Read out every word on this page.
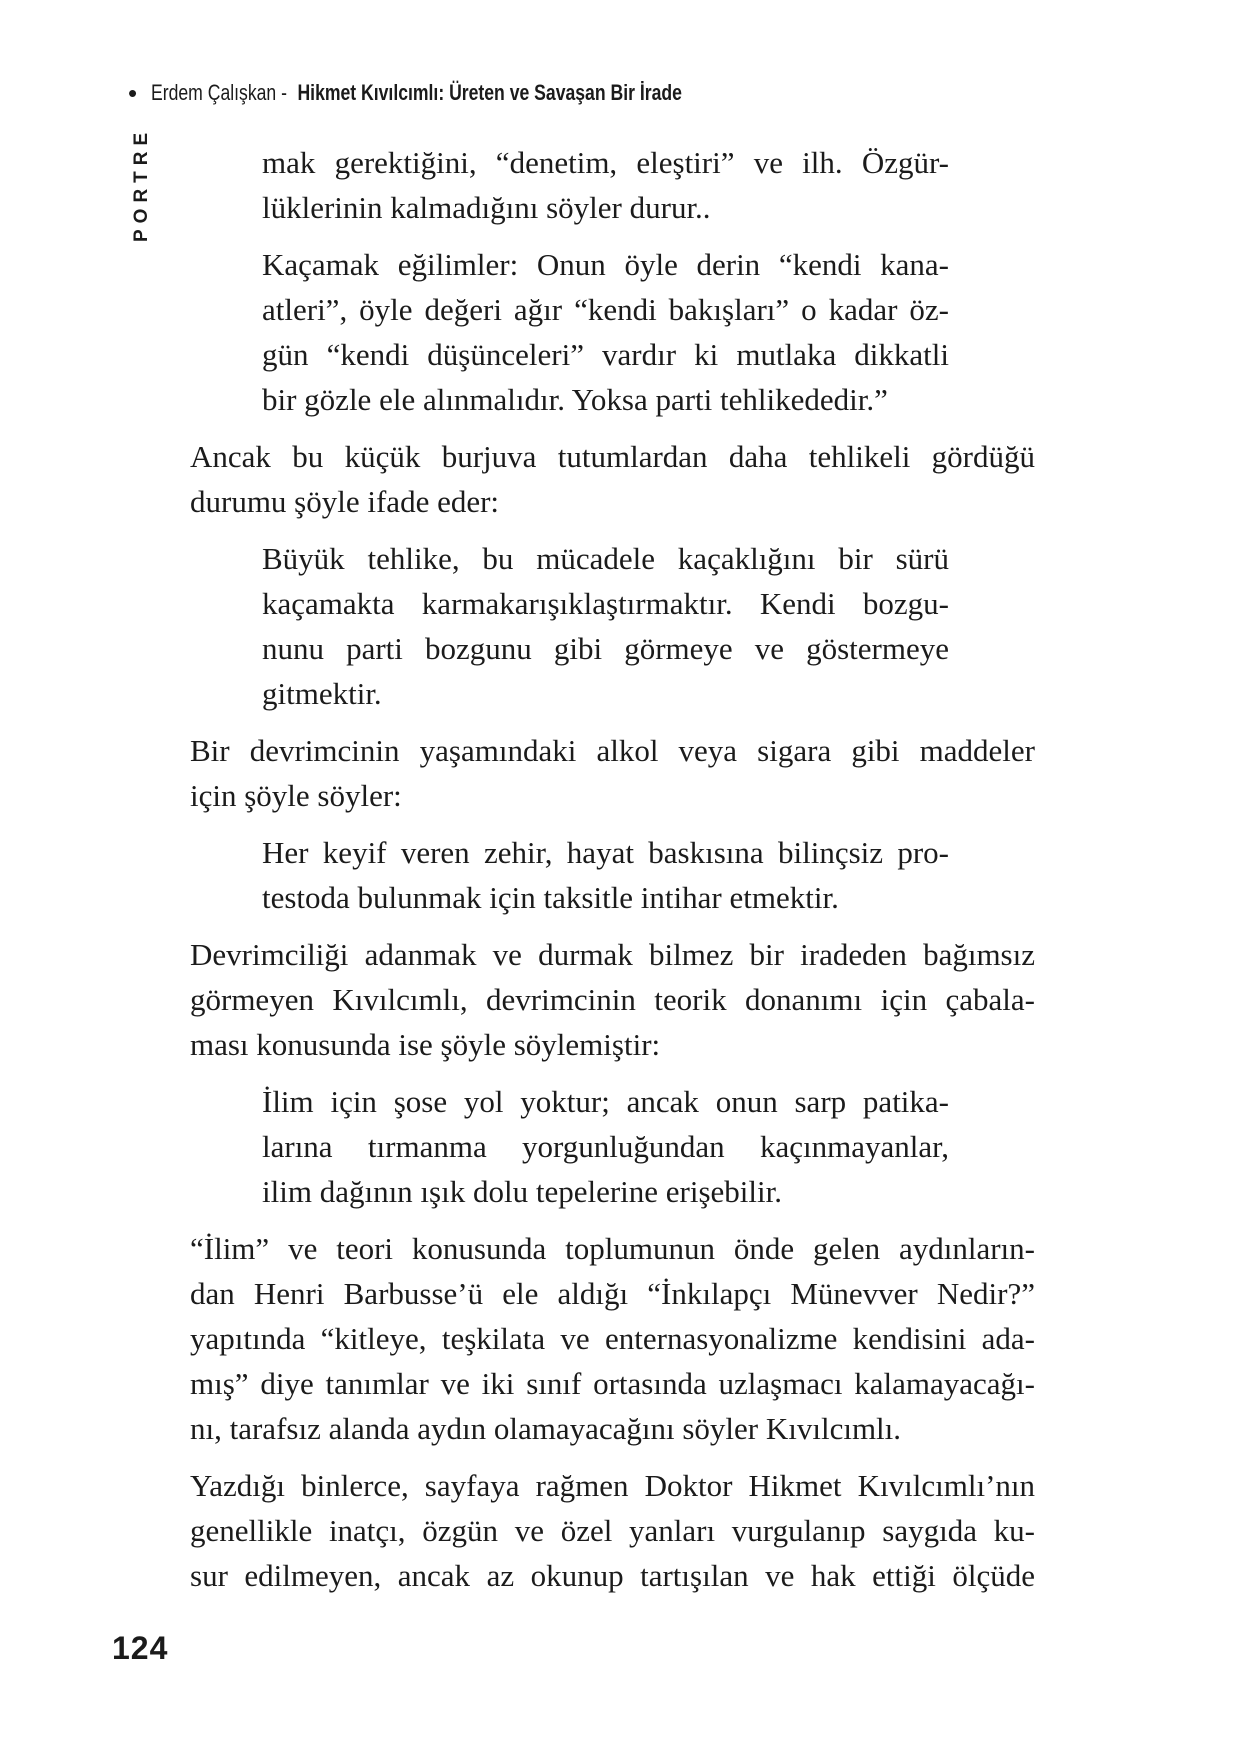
• Erdem Çalışkan - Hikmet Kıvılcımlı: Üreten ve Savaşan Bir İrade
PORTRE	mak gerektiğini, “denetim, eleştiri” ve ilh. Özgür-
lüklerinin kalmadığını söyler durur..
Kaçamak eğilimler: Onun öyle derin “kendi kana-
atleri”, öyle değeri ağır “kendi bakışları” o kadar öz-
gün “kendi düşünceleri” vardır ki mutlaka dikkatli
bir gözle ele alınmalıdır. Yoksa parti tehlikededir.”
Ancak bu küçük burjuva tutumlardan daha tehlikeli gördüğü
durumu şöyle ifade eder:
Büyük tehlike, bu mücadele kaçaklığını bir sürü
kaçamakta karmakarışıklaştırmaktır. Kendi bozgu-
nunu parti bozgunu gibi görmeye ve göstermeye
gitmektir.
Bir devrimcinin yaşamındaki alkol veya sigara gibi maddeler
için şöyle söyler:
Her keyif veren zehir, hayat baskısına bilinçsiz pro-
testoda bulunmak için taksitle intihar etmektir.
Devrimciliği adanmak ve durmak bilmez bir iradeden bağımsız
görmeyen Kıvılcımlı, devrimcinin teorik donanımı için çabala-
ması konusunda ise şöyle söylemiştir:
İlim için şose yol yoktur; ancak onun sarp patika-
larına tırmanma yorgunluğundan kaçınmayanlar,
ilim dağının ışık dolu tepelerine erişebilir.
“İlim” ve teori konusunda toplumunun önde gelen aydınların-
dan Henri Barbusse’ü ele aldığı “İnkılapçı Münevver Nedir?”
yapıtında “kitleye, teşkilata ve enternasyonalizme kendisini ada-
mış” diye tanımlar ve iki sınıf ortasında uzlaşmacı kalamayacağı-
nı, tarafsız alanda aydın olamayacağını söyler Kıvılcımlı.
Yazdığı binlerce, sayfaya rağmen Doktor Hikmet Kıvılcımlı’nın
genellikle inatçı, özgün ve özel yanları vurgulanıp saygıda ku-
sur edilmeyen, ancak az okunup tartışılan ve hak ettiği ölçüde
124
